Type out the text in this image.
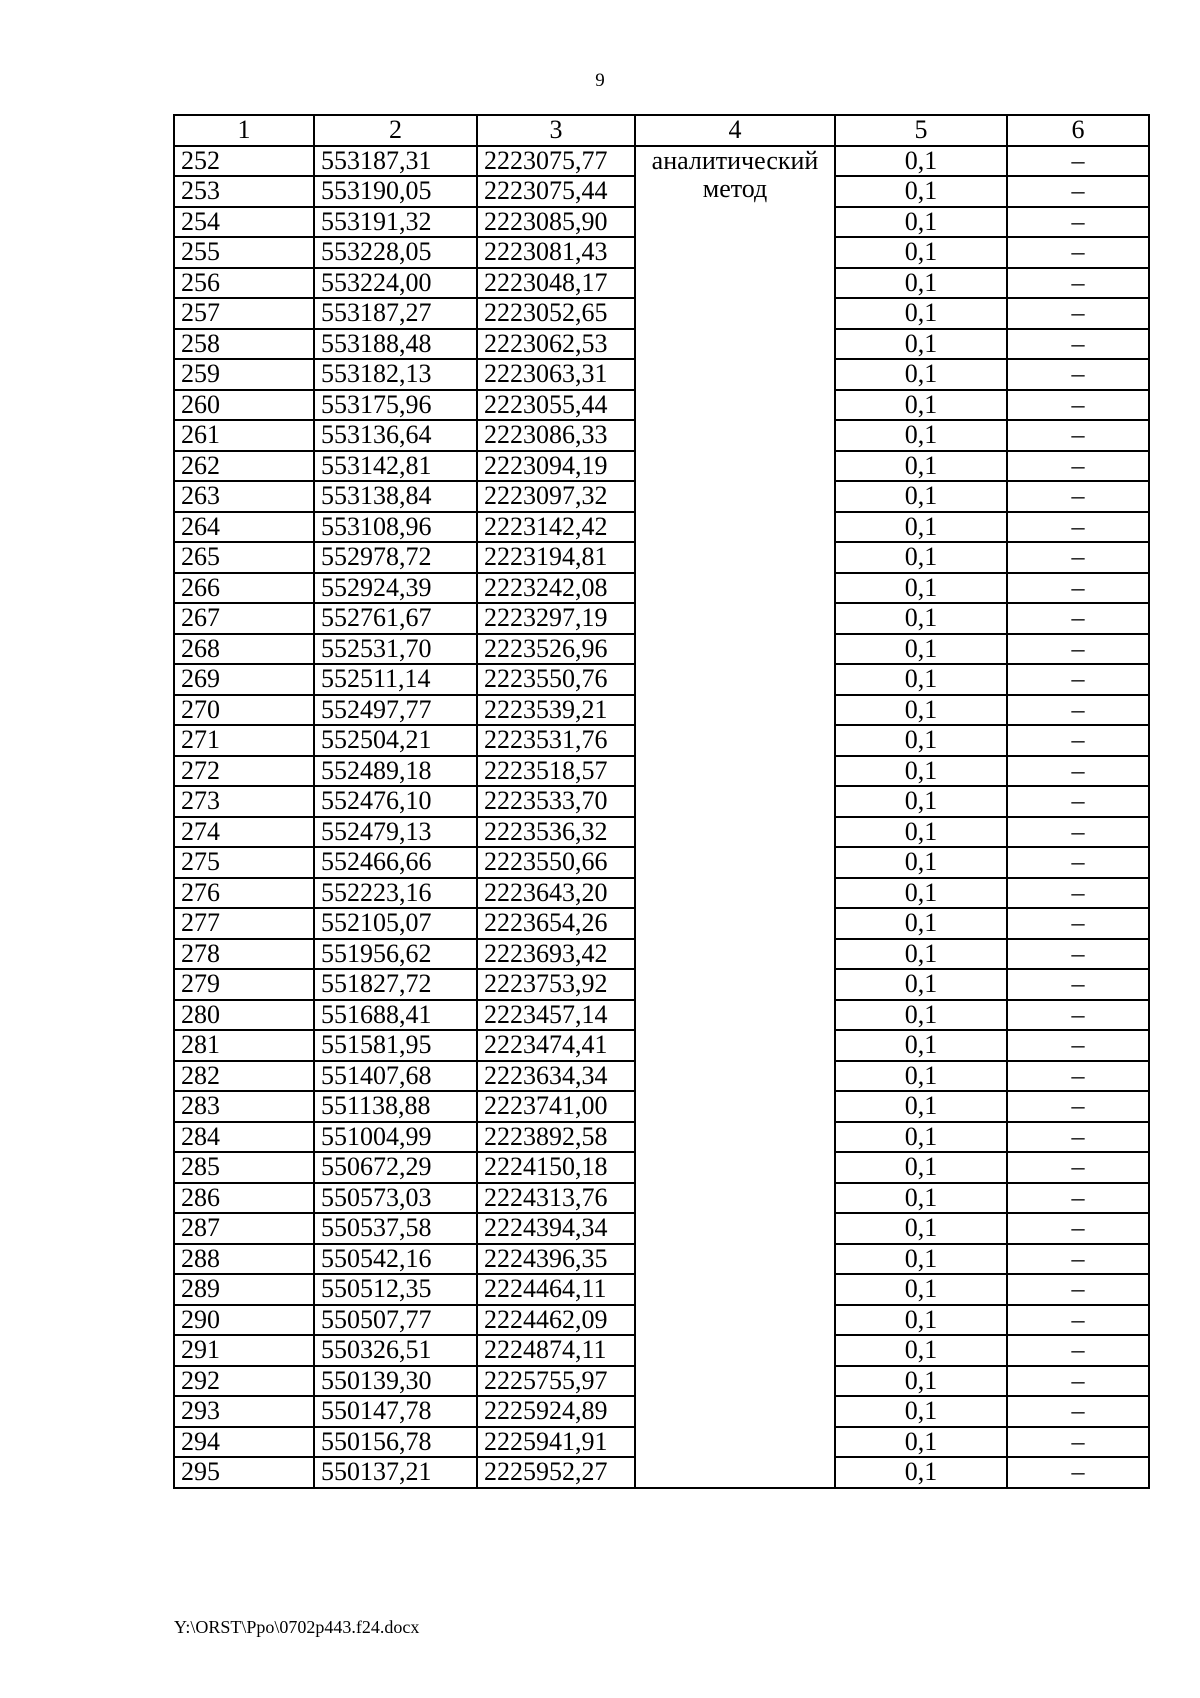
9
1	2	3	4	5	6
252	553187,31	2223075,77	аналитический метод	0,1	–
253	553190,05	2223075,44		0,1	–
254	553191,32	2223085,90		0,1	–
255	553228,05	2223081,43		0,1	–
256	553224,00	2223048,17		0,1	–
257	553187,27	2223052,65		0,1	–
258	553188,48	2223062,53		0,1	–
259	553182,13	2223063,31		0,1	–
260	553175,96	2223055,44		0,1	–
261	553136,64	2223086,33		0,1	–
262	553142,81	2223094,19		0,1	–
263	553138,84	2223097,32		0,1	–
264	553108,96	2223142,42		0,1	–
265	552978,72	2223194,81		0,1	–
266	552924,39	2223242,08		0,1	–
267	552761,67	2223297,19		0,1	–
268	552531,70	2223526,96		0,1	–
269	552511,14	2223550,76		0,1	–
270	552497,77	2223539,21		0,1	–
271	552504,21	2223531,76		0,1	–
272	552489,18	2223518,57		0,1	–
273	552476,10	2223533,70		0,1	–
274	552479,13	2223536,32		0,1	–
275	552466,66	2223550,66		0,1	–
276	552223,16	2223643,20		0,1	–
277	552105,07	2223654,26		0,1	–
278	551956,62	2223693,42		0,1	–
279	551827,72	2223753,92		0,1	–
280	551688,41	2223457,14		0,1	–
281	551581,95	2223474,41		0,1	–
282	551407,68	2223634,34		0,1	–
283	551138,88	2223741,00		0,1	–
284	551004,99	2223892,58		0,1	–
285	550672,29	2224150,18		0,1	–
286	550573,03	2224313,76		0,1	–
287	550537,58	2224394,34		0,1	–
288	550542,16	2224396,35		0,1	–
289	550512,35	2224464,11		0,1	–
290	550507,77	2224462,09		0,1	–
291	550326,51	2224874,11		0,1	–
292	550139,30	2225755,97		0,1	–
293	550147,78	2225924,89		0,1	–
294	550156,78	2225941,91		0,1	–
295	550137,21	2225952,27		0,1	–
Y:\ORST\Ppo\0702p443.f24.docx
